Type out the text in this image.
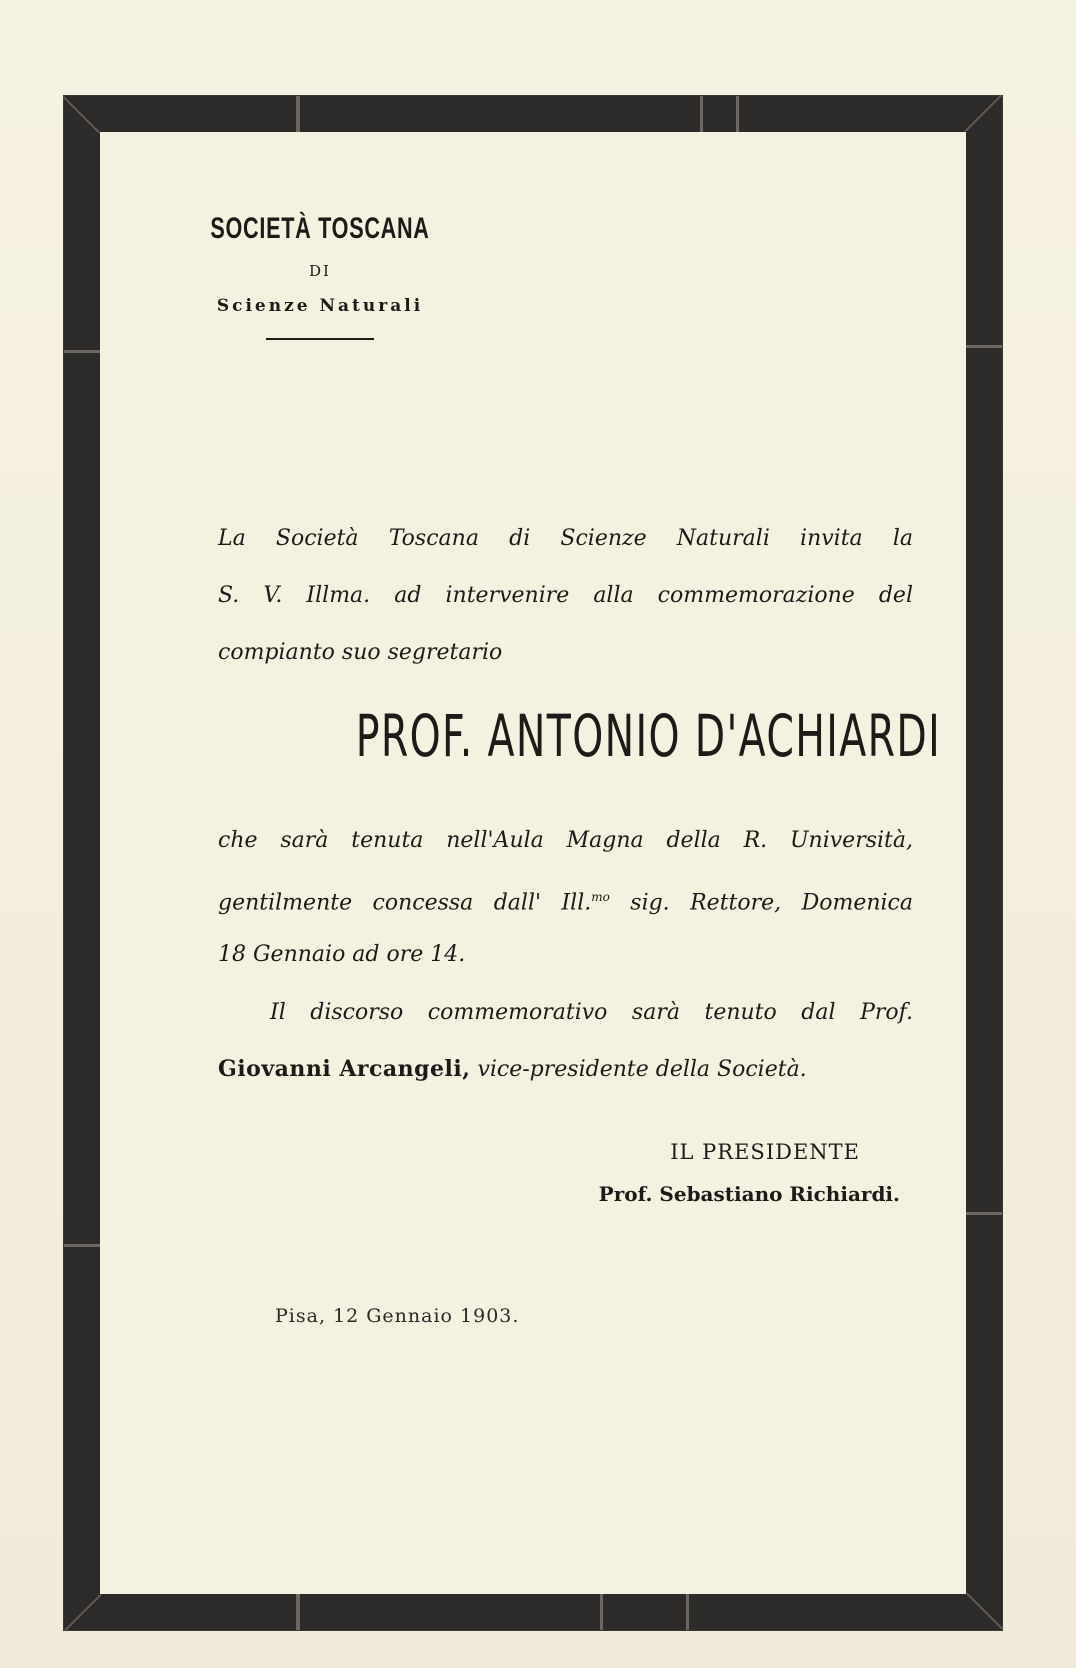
SOCIETÀ TOSCANA
DI
Scienze Naturali
La Società Toscana di Scienze Naturali invita la
S. V. Illma. ad intervenire alla commemorazione del
compianto suo segretario
PROF. ANTONIO D'ACHIARDI
che sarà tenuta nell'Aula Magna della R. Università,
gentilmente concessa dall' Ill.$^{mo}$ sig. Rettore, Domenica
18 Gennaio ad ore 14.
Il discorso commemorativo sarà tenuto dal Prof.
Giovanni Arcangeli, vice-presidente della Società.
IL PRESIDENTE
Prof. Sebastiano Richiardi.
Pisa, 12 Gennaio 1903.
